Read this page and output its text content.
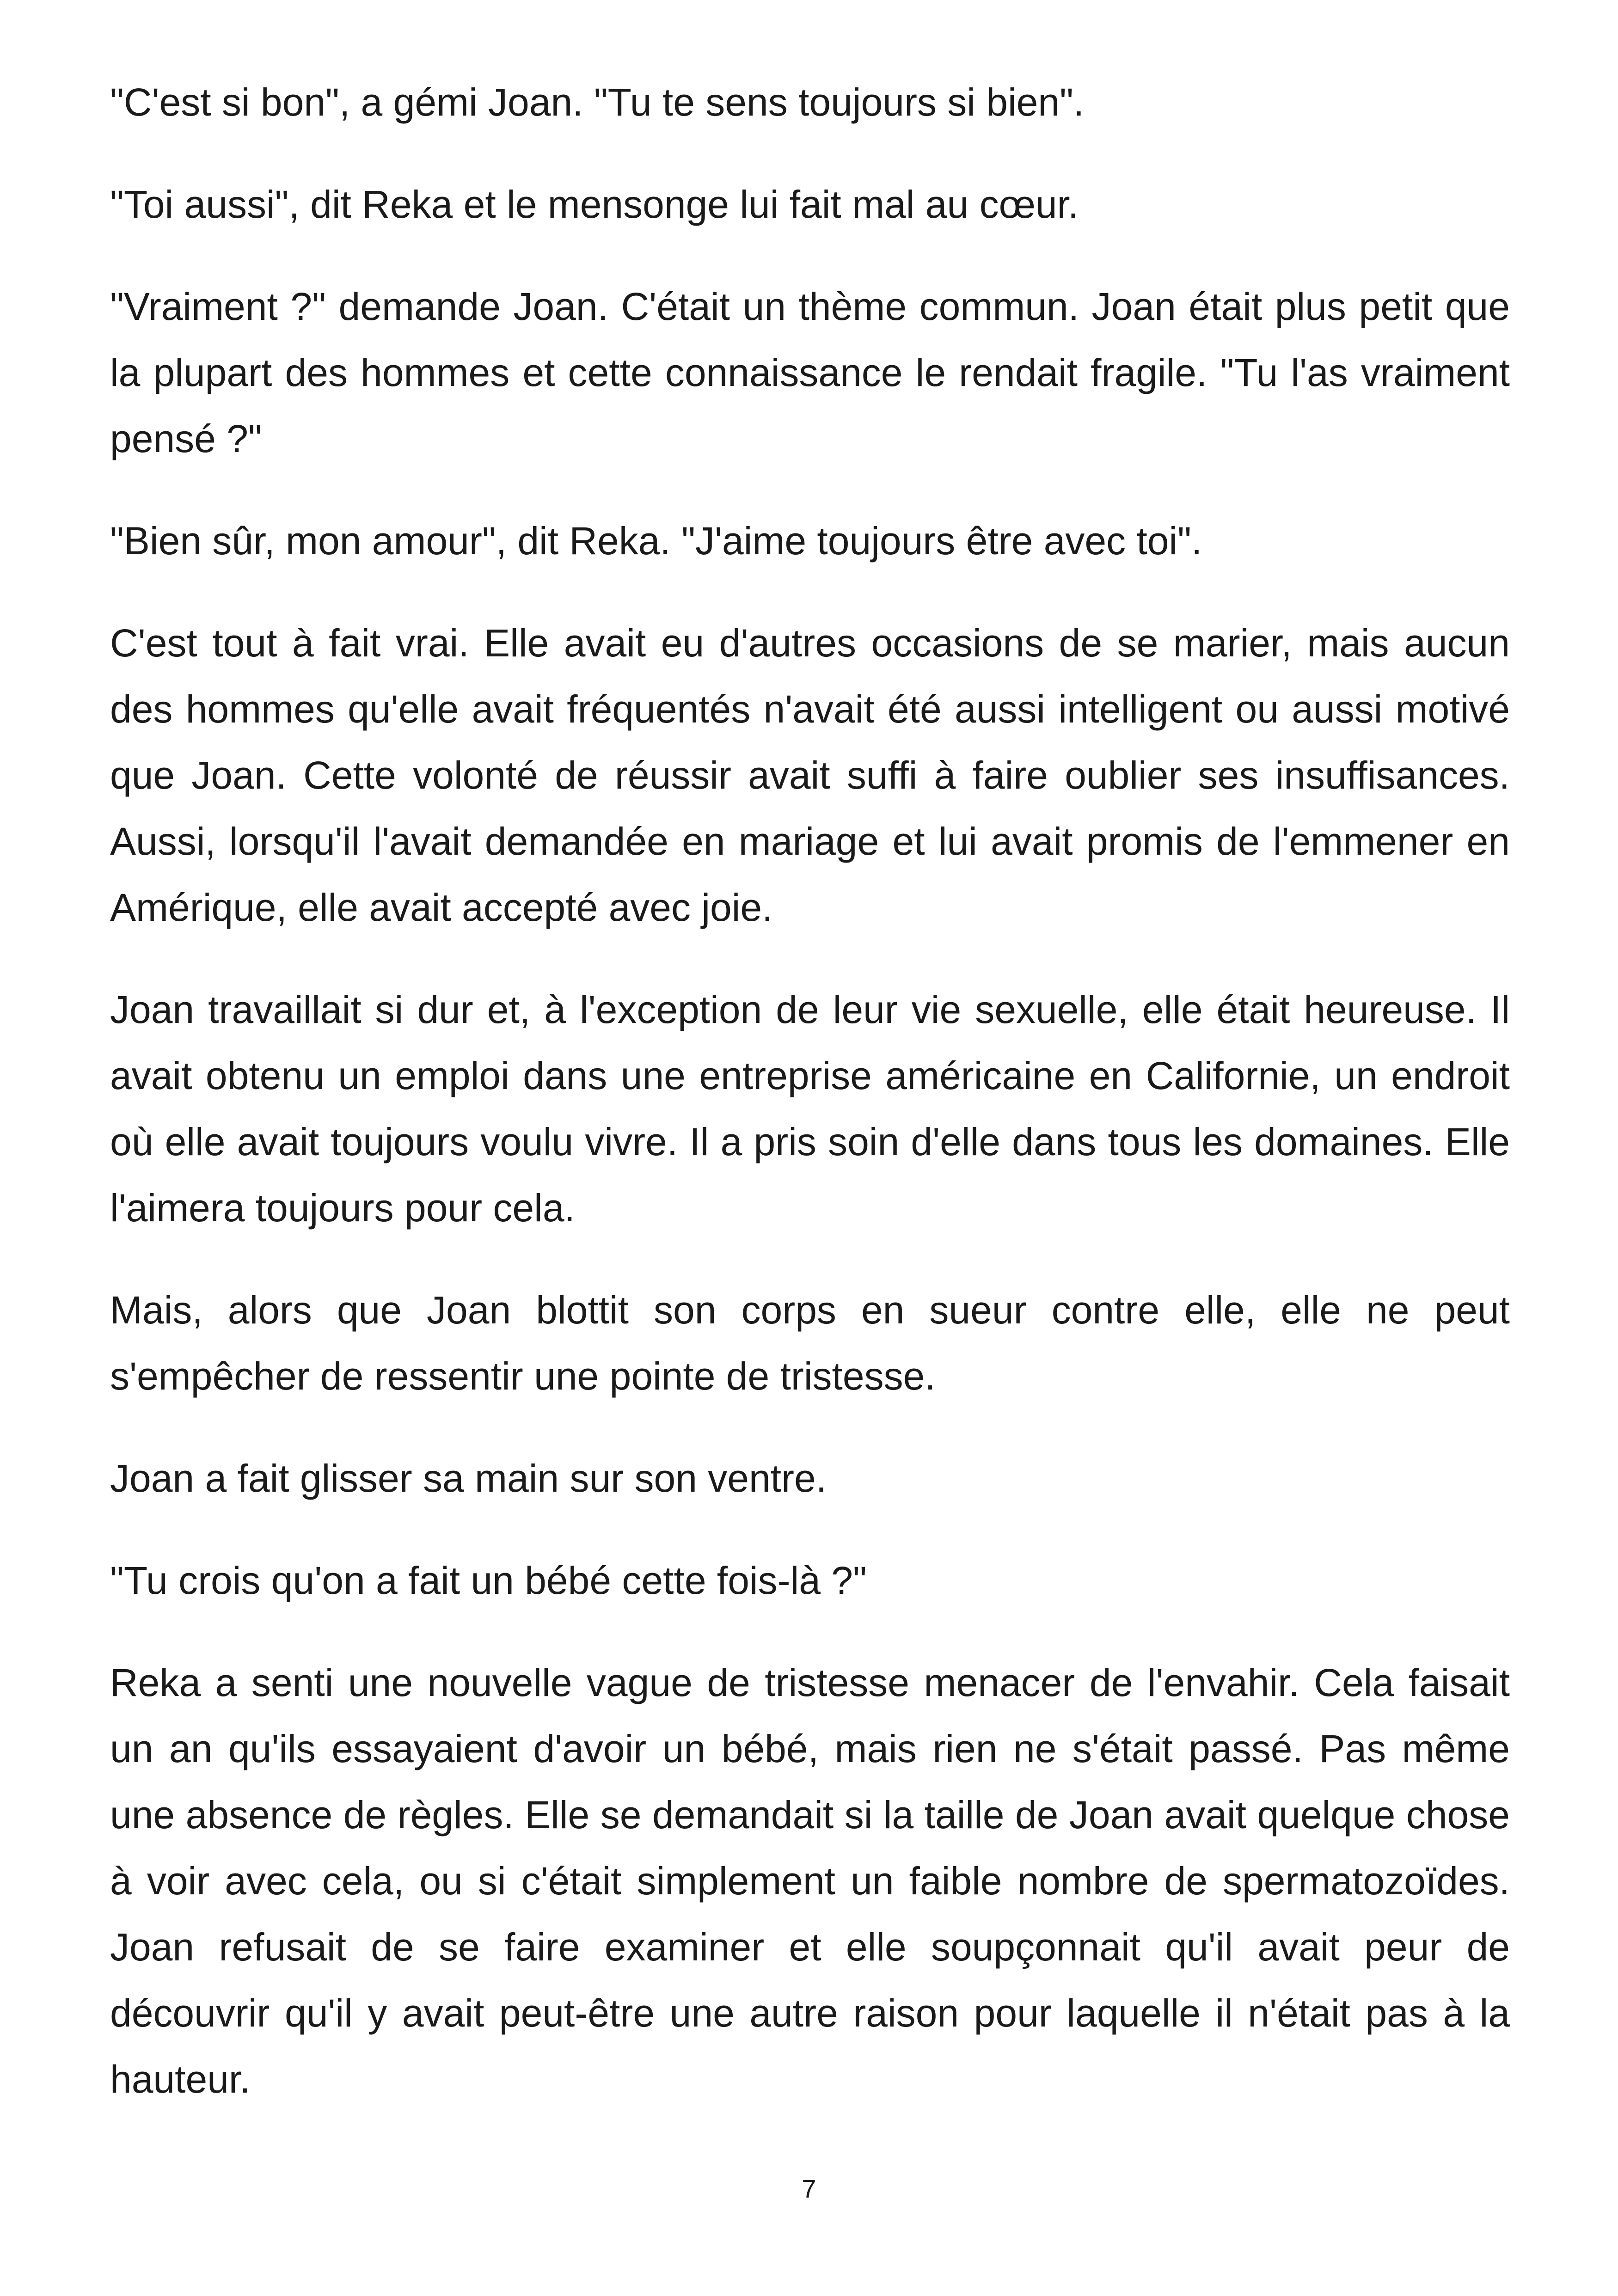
"C'est si bon", a gémi Joan. "Tu te sens toujours si bien".

"Toi aussi", dit Reka et le mensonge lui fait mal au cœur.

"Vraiment ?" demande Joan. C'était un thème commun. Joan était plus petit que la plupart des hommes et cette connaissance le rendait fragile. "Tu l'as vraiment pensé ?"

"Bien sûr, mon amour", dit Reka. "J'aime toujours être avec toi".

C'est tout à fait vrai. Elle avait eu d'autres occasions de se marier, mais aucun des hommes qu'elle avait fréquentés n'avait été aussi intelligent ou aussi motivé que Joan. Cette volonté de réussir avait suffi à faire oublier ses insuffisances. Aussi, lorsqu'il l'avait demandée en mariage et lui avait promis de l'emmener en Amérique, elle avait accepté avec joie.

Joan travaillait si dur et, à l'exception de leur vie sexuelle, elle était heureuse. Il avait obtenu un emploi dans une entreprise américaine en Californie, un endroit où elle avait toujours voulu vivre. Il a pris soin d'elle dans tous les domaines. Elle l'aimera toujours pour cela.

Mais, alors que Joan blottit son corps en sueur contre elle, elle ne peut s'empêcher de ressentir une pointe de tristesse.

Joan a fait glisser sa main sur son ventre.

"Tu crois qu'on a fait un bébé cette fois-là ?"

Reka a senti une nouvelle vague de tristesse menacer de l'envahir. Cela faisait un an qu'ils essayaient d'avoir un bébé, mais rien ne s'était passé. Pas même une absence de règles. Elle se demandait si la taille de Joan avait quelque chose à voir avec cela, ou si c'était simplement un faible nombre de spermatozoïdes. Joan refusait de se faire examiner et elle soupçonnait qu'il avait peur de découvrir qu'il y avait peut-être une autre raison pour laquelle il n'était pas à la hauteur.

7
